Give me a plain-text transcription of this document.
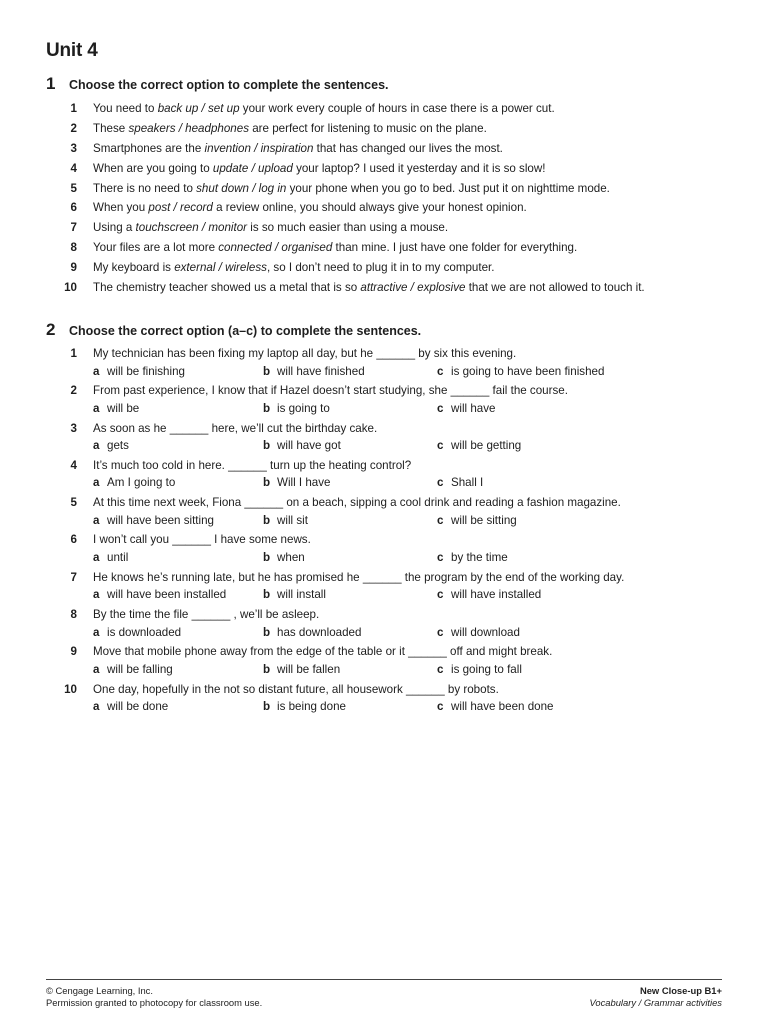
Unit 4
1	Choose the correct option to complete the sentences.
1 You need to back up / set up your work every couple of hours in case there is a power cut.
2 These speakers / headphones are perfect for listening to music on the plane.
3 Smartphones are the invention / inspiration that has changed our lives the most.
4 When are you going to update / upload your laptop? I used it yesterday and it is so slow!
5 There is no need to shut down / log in your phone when you go to bed. Just put it on nighttime mode.
6 When you post / record a review online, you should always give your honest opinion.
7 Using a touchscreen / monitor is so much easier than using a mouse.
8 Your files are a lot more connected / organised than mine. I just have one folder for everything.
9 My keyboard is external / wireless, so I don’t need to plug it in to my computer.
10 The chemistry teacher showed us a metal that is so attractive / explosive that we are not allowed to touch it.
2	Choose the correct option (a–c) to complete the sentences.
1 My technician has been fixing my laptop all day, but he ______ by six this evening.
a will be finishing	b will have finished	c is going to have been finished
2 From past experience, I know that if Hazel doesn’t start studying, she ______ fail the course.
a will be	b is going to	c will have
3 As soon as he ______ here, we’ll cut the birthday cake.
a gets	b will have got	c will be getting
4 It’s much too cold in here. ______ turn up the heating control?
a Am I going to	b Will I have	c Shall I
5 At this time next week, Fiona ______ on a beach, sipping a cool drink and reading a fashion magazine.
a will have been sitting	b will sit	c will be sitting
6 I won’t call you ______ I have some news.
a until	b when	c by the time
7 He knows he’s running late, but he has promised he ______ the program by the end of the working day.
a will have been installed	b will install	c will have installed
8 By the time the file ______ , we’ll be asleep.
a is downloaded	b has downloaded	c will download
9 Move that mobile phone away from the edge of the table or it ______ off and might break.
a will be falling	b will be fallen	c is going to fall
10 One day, hopefully in the not so distant future, all housework ______ by robots.
a will be done	b is being done	c will have been done
© Cengage Learning, Inc.
Permission granted to photocopy for classroom use.
New Close-up B1+
Vocabulary / Grammar activities
